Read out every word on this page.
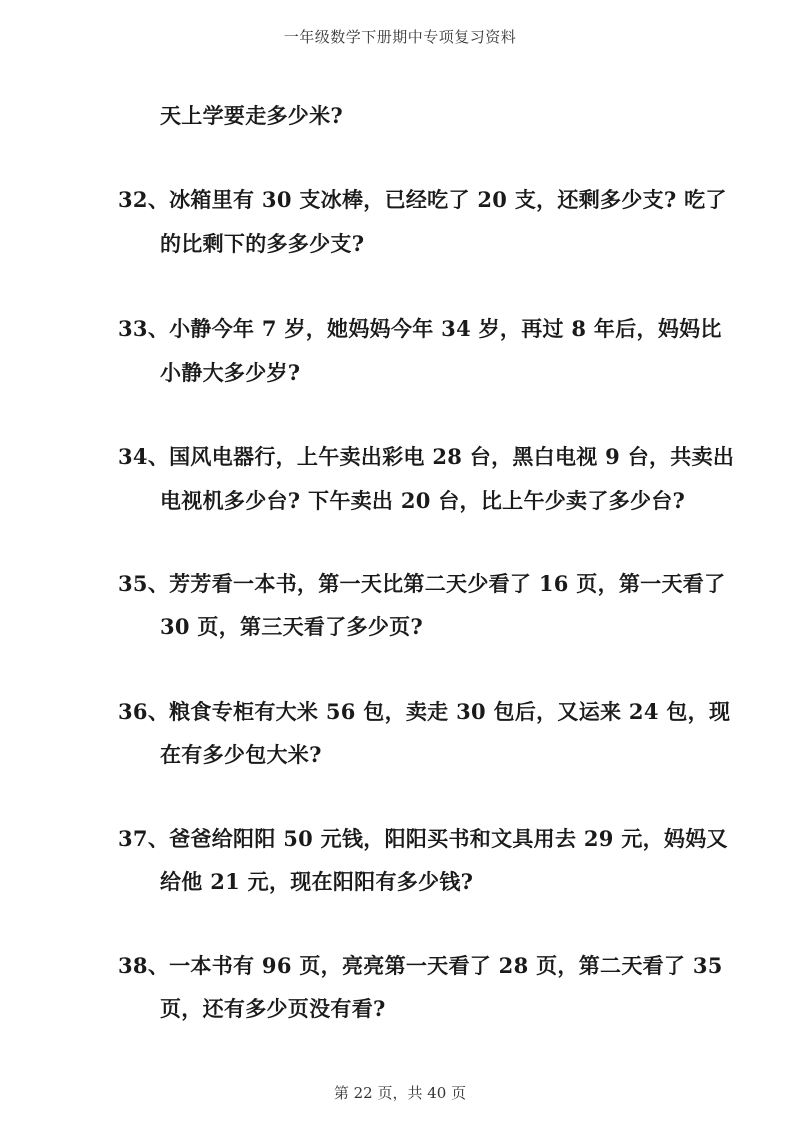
一年级数学下册期中专项复习资料
天上学要走多少米?
32、冰箱里有 30 支冰棒，已经吃了 20 支，还剩多少支? 吃了
的比剩下的多多少支?
33、小静今年 7 岁，她妈妈今年 34 岁，再过 8 年后，妈妈比
小静大多少岁?
34、国风电器行，上午卖出彩电 28 台，黑白电视 9 台，共卖出
电视机多少台? 下午卖出 20 台，比上午少卖了多少台?
35、芳芳看一本书，第一天比第二天少看了 16 页，第一天看了
30 页，第三天看了多少页?
36、粮食专柜有大米 56 包，卖走 30 包后，又运来 24 包，现
在有多少包大米?
37、爸爸给阳阳 50 元钱，阳阳买书和文具用去 29 元，妈妈又
给他 21 元，现在阳阳有多少钱?
38、一本书有 96 页，亮亮第一天看了 28 页，第二天看了 35
页，还有多少页没有看?
第 22 页，共 40 页
